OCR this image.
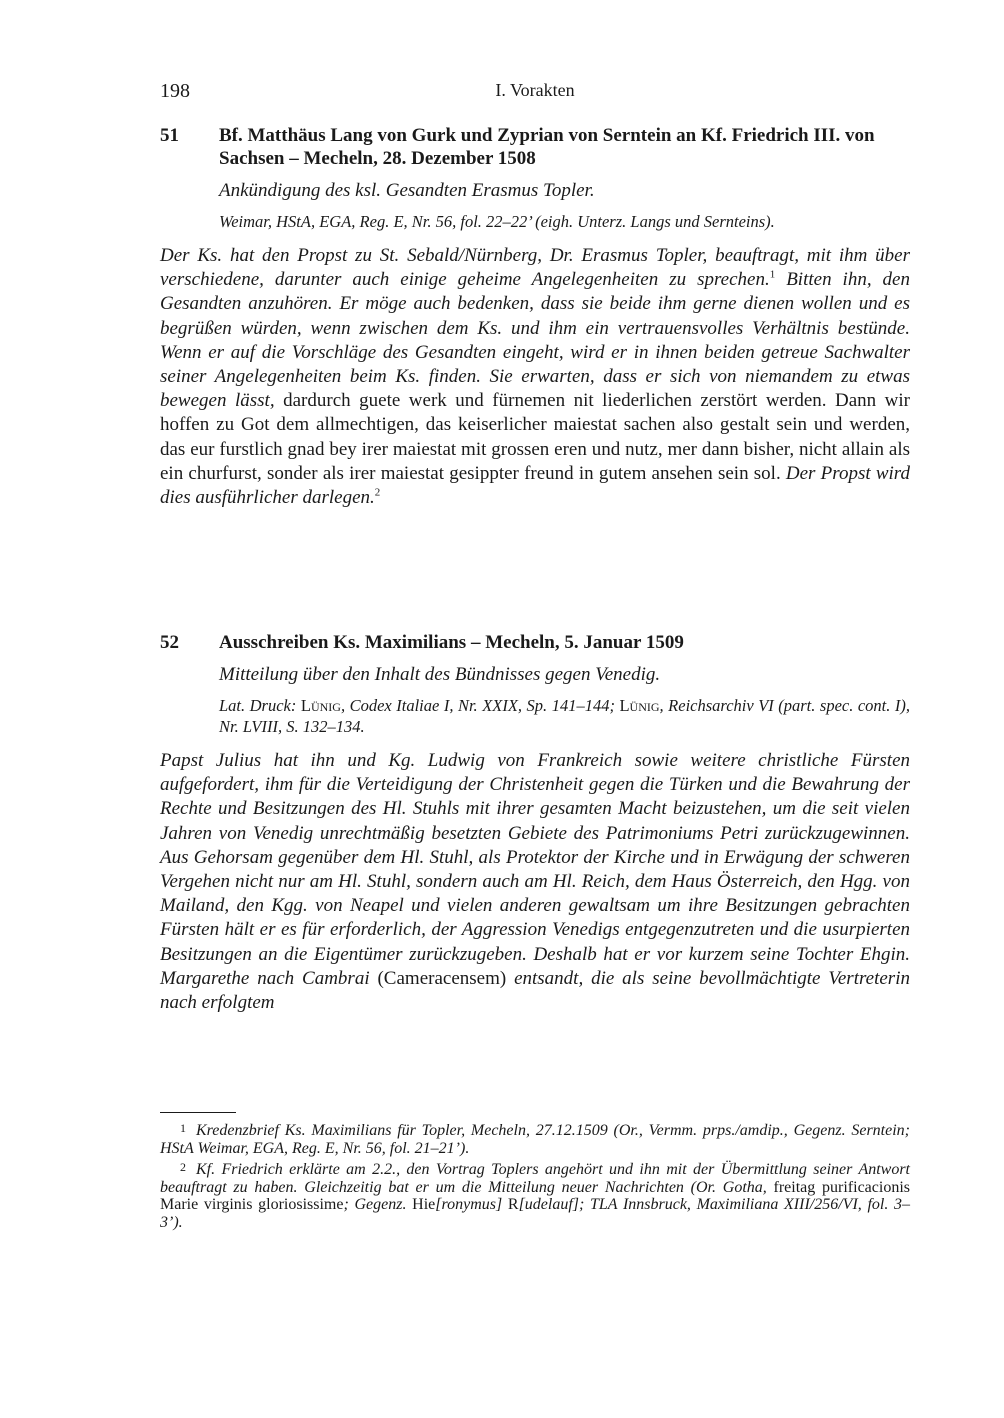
198	I. Vorakten
51 Bf. Matthäus Lang von Gurk und Zyprian von Serntein an Kf. Friedrich III. von Sachsen – Mecheln, 28. Dezember 1508
Ankündigung des ksl. Gesandten Erasmus Topler.
Weimar, HStA, EGA, Reg. E, Nr. 56, fol. 22–22’ (eigh. Unterz. Langs und Sernteins).

Der Ks. hat den Propst zu St. Sebald/Nürnberg, Dr. Erasmus Topler, beauftragt, mit ihm über verschiedene, darunter auch einige geheime Angelegenheiten zu sprechen.$^1$ Bitten ihn, den Gesandten anzuhören. Er möge auch bedenken, dass sie beide ihm gerne dienen wollen und es begrüßen würden, wenn zwischen dem Ks. und ihm ein vertrauensvolles Verhältnis bestünde. Wenn er auf die Vorschläge des Gesandten eingeht, wird er in ihnen beiden getreue Sachwalter seiner Angelegenheiten beim Ks. finden. Sie erwarten, dass er sich von niemandem zu etwas bewegen lässt, dardurch guete werk und fürnemen nit liederlichen zerstört werden. Dann wir hoffen zu Got dem allmechtigen, das keiserlicher maiestat sachen also gestalt sein und werden, das eur furstlich gnad bey irer maiestat mit grossen eren und nutz, mer dann bisher, nicht allain als ein churfurst, sonder als irer maiestat gesippter freund in gutem ansehen sein sol. Der Propst wird dies ausführlicher darlegen.$^2$

52 Ausschreiben Ks. Maximilians – Mecheln, 5. Januar 1509
Mitteilung über den Inhalt des Bündnisses gegen Venedig.
Lat. Druck: Lünig, Codex Italiae I, Nr. XXIX, Sp. 141–144; Lünig, Reichsarchiv VI (part. spec. cont. I), Nr. LVIII, S. 132–134.

Papst Julius hat ihn und Kg. Ludwig von Frankreich sowie weitere christliche Fürsten aufgefordert, ihm für die Verteidigung der Christenheit gegen die Türken und die Bewahrung der Rechte und Besitzungen des Hl. Stuhls mit ihrer gesamten Macht beizustehen, um die seit vielen Jahren von Venedig unrechtmäßig besetzten Gebiete des Patrimoniums Petri zurückzugewinnen. Aus Gehorsam gegenüber dem Hl. Stuhl, als Protektor der Kirche und in Erwägung der schweren Vergehen nicht nur am Hl. Stuhl, sondern auch am Hl. Reich, dem Haus Österreich, den Hgg. von Mailand, den Kgg. von Neapel und vielen anderen gewaltsam um ihre Besitzungen gebrachten Fürsten hält er es für erforderlich, der Aggression Venedigs entgegenzutreten und die usurpierten Besitzungen an die Eigentümer zurückzugeben. Deshalb hat er vor kurzem seine Tochter Ehgin. Margarethe nach Cambrai (Cameracensem) entsandt, die als seine bevollmächtigte Vertreterin nach erfolgtem

1 Kredenzbrief Ks. Maximilians für Topler, Mecheln, 27.12.1509 (Or., Vermm. prps./amdip., Gegenz. Serntein; HStA Weimar, EGA, Reg. E, Nr. 56, fol. 21–21’).

2 Kf. Friedrich erklärte am 2.2., den Vortrag Toplers angehört und ihn mit der Übermittlung seiner Antwort beauftragt zu haben. Gleichzeitig bat er um die Mitteilung neuer Nachrichten (Or. Gotha, freitag purificacionis Marie virginis gloriosissime; Gegenz. Hie[ronymus] R[udelauf]; TLA Innsbruck, Maximiliana XIII/256/VI, fol. 3–3’).
